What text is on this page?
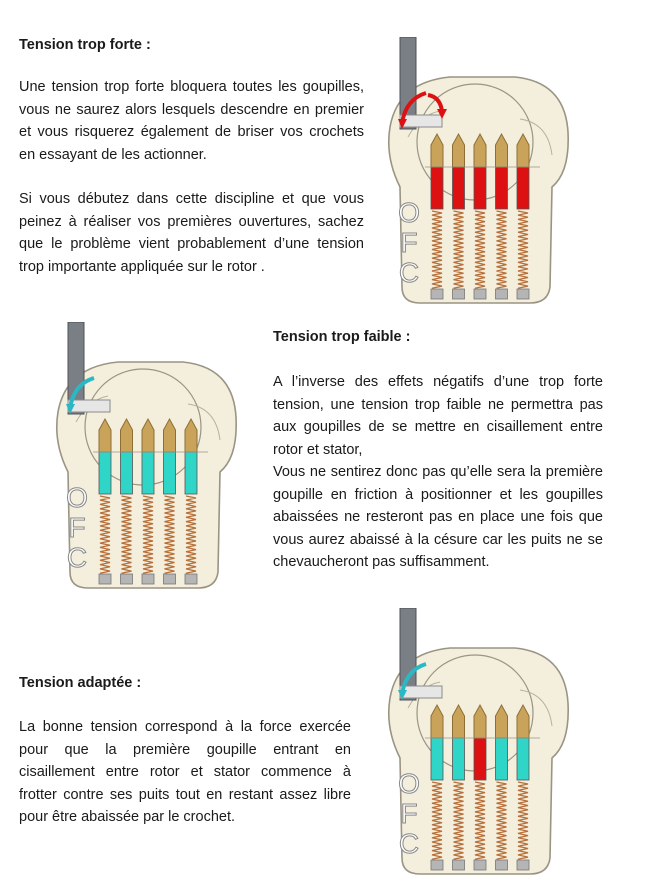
Tension trop forte :

Une tension trop forte bloquera toutes les goupilles, vous ne saurez alors lesquels descendre en premier et vous risquerez également de briser vos crochets en essayant de les actionner.

Si vous débutez dans cette discipline et que vous peinez à réaliser vos premières ouvertures, sachez que le problème vient probablement d’une tension trop importante appliquée sur le rotor .

O
F
C
O
F
C
Tension trop faible :

A l’inverse des effets négatifs d’une trop forte tension, une tension trop faible ne permettra pas aux goupilles de se mettre en cisaillement entre rotor et stator,

Vous ne sentirez donc pas qu’elle sera la première goupille en friction à positionner et les goupilles abaissées ne resteront pas en place une fois que vous aurez abaissé à la césure car les puits ne se chevaucheront pas suffisamment.

Tension adaptée :

La bonne tension correspond à la force exercée pour que la première goupille entrant en cisaillement entre rotor et stator commence à frotter contre ses puits tout en restant assez libre pour être abaissée par le crochet.

O
F
C
